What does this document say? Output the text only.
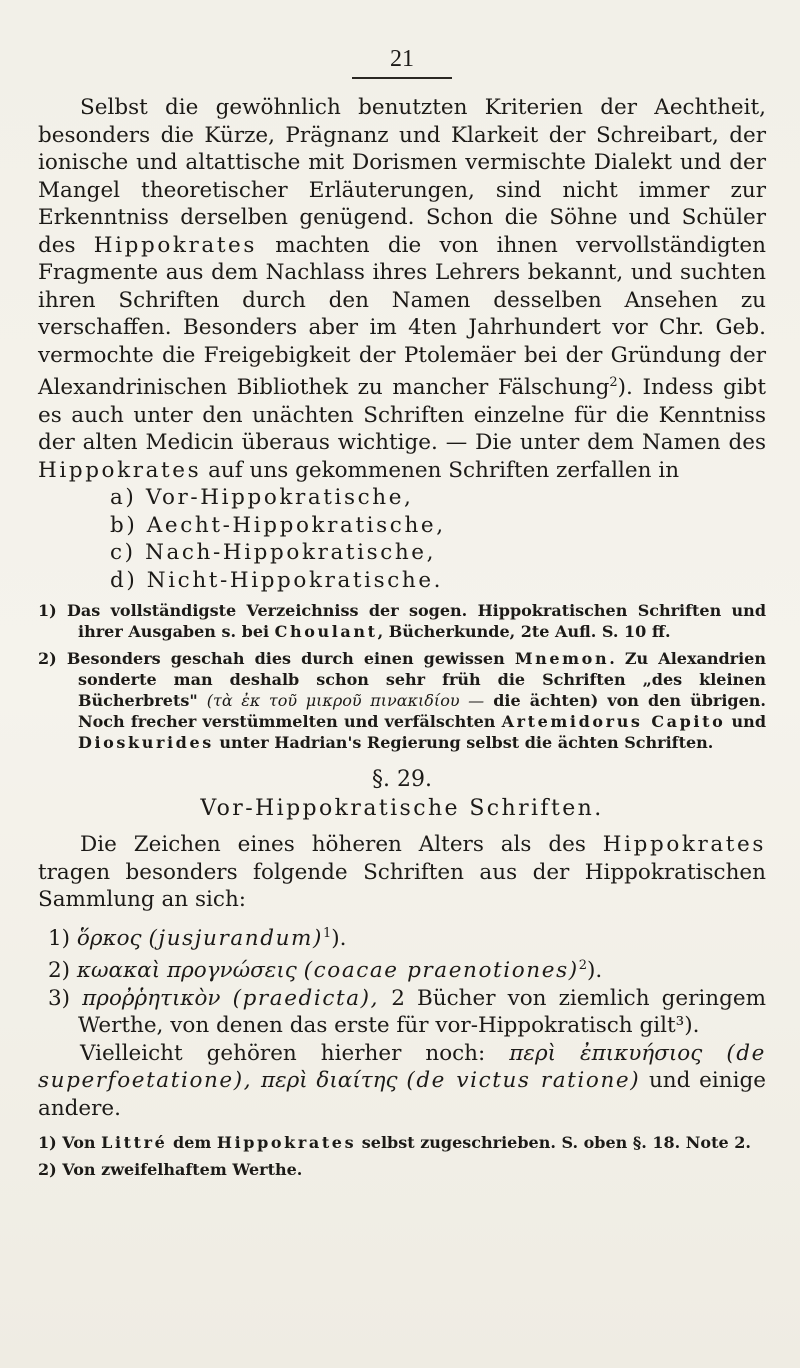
21

Selbst die gewöhnlich benutzten Kriterien der Aechtheit, besonders die Kürze, Prägnanz und Klarkeit der Schreibart, der ionische und altattische mit Dorismen vermischte Dialekt und der Mangel theoretischer Erläuterungen, sind nicht immer zur Erkenntniss derselben genügend. Schon die Söhne und Schüler des Hippokrates machten die von ihnen vervollständigten Fragmente aus dem Nachlass ihres Lehrers bekannt, und suchten ihren Schriften durch den Namen desselben Ansehen zu verschaffen. Besonders aber im 4ten Jahrhundert vor Chr. Geb. vermochte die Freigebigkeit der Ptolemäer bei der Gründung der Alexandrinischen Bibliothek zu mancher Fälschung$^2$). Indess gibt es auch unter den unächten Schriften einzelne für die Kenntniss der alten Medicin überaus wichtige. — Die unter dem Namen des Hippokrates auf uns gekommenen Schriften zerfallen in

a) Vor-Hippokratische,
b) Aecht-Hippokratische,
c) Nach-Hippokratische,
d) Nicht-Hippokratische.

1) Das vollständigste Verzeichniss der sogen. Hippokratischen Schriften und ihrer Ausgaben s. bei Choulant, Bücherkunde, 2te Aufl. S. 10 ff.

2) Besonders geschah dies durch einen gewissen Mnemon. Zu Alexandrien sonderte man deshalb schon sehr früh die Schriften „des kleinen Bücherbrets" (τὰ ἐκ τοῦ μικροῦ πινακιδίου — die ächten) von den übrigen. Noch frecher verstümmelten und verfälschten Artemidorus Capito und Dioskurides unter Hadrian's Regierung selbst die ächten Schriften.

§. 29.
Vor-Hippokratische Schriften.

Die Zeichen eines höheren Alters als des Hippokrates tragen besonders folgende Schriften aus der Hippokratischen Sammlung an sich:

1) ὅρκος (jusjurandum)$^1$).
2) κωακαὶ προγνώσεις (coacae praenotiones)$^2$).
3) προῤῥητικὸν (praedicta), 2 Bücher von ziemlich geringem Werthe, von denen das erste für vor-Hippokratisch gilt³).

Vielleicht gehören hierher noch: περὶ ἐπικυήσιος (de superfoetatione), περὶ διαίτης (de victus ratione) und einige andere.

1) Von Littré dem Hippokrates selbst zugeschrieben. S. oben §. 18. Note 2.

2) Von zweifelhaftem Werthe.
